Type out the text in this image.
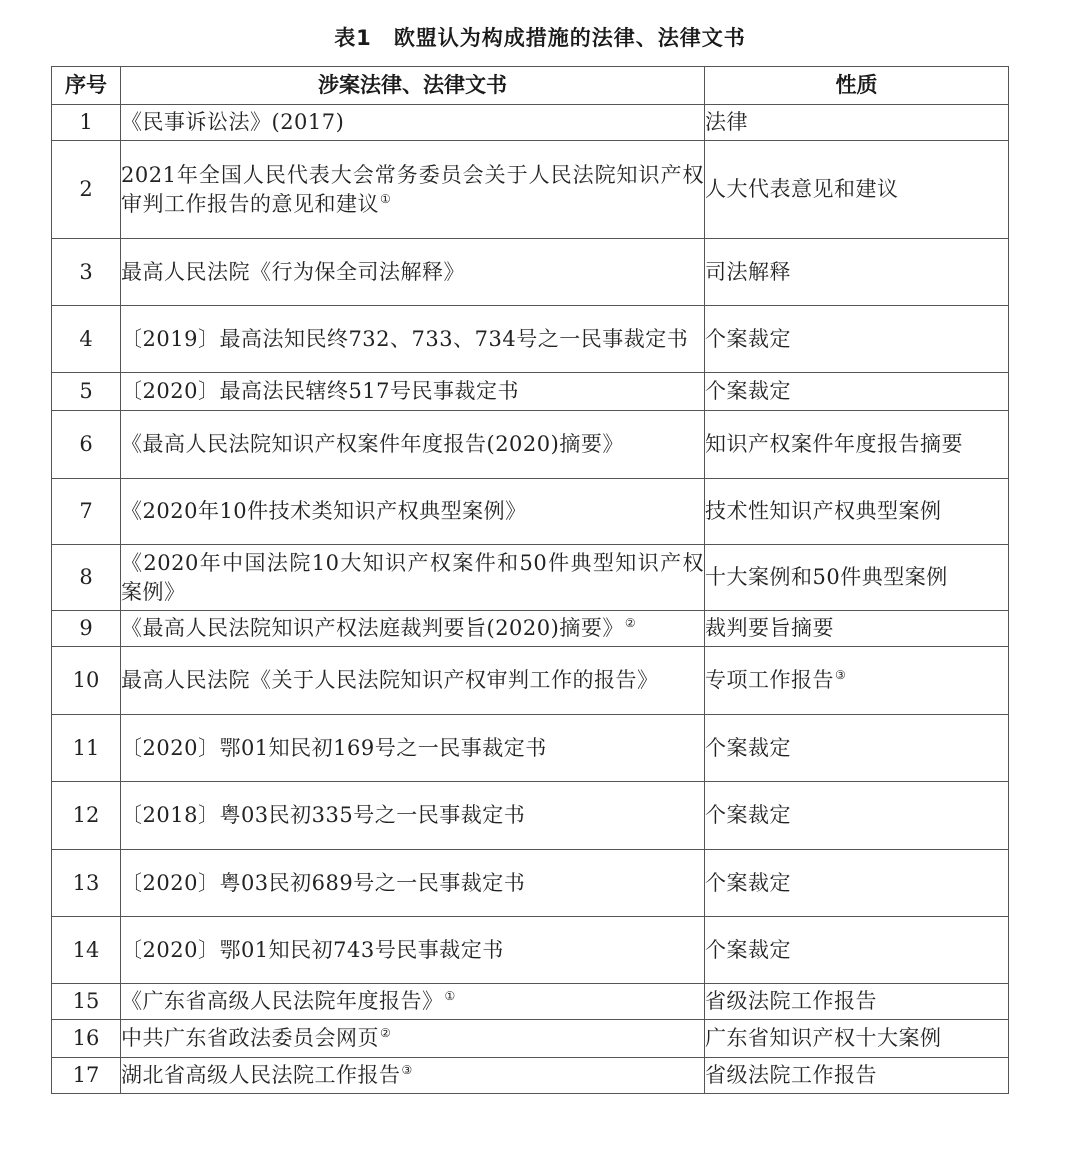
表1 欧盟认为构成措施的法律、法律文书
序号	涉案法律、法律文书	性质
1	《民事诉讼法》(2017)	法律
2	2021年全国人民代表大会常务委员会关于人民法院知识产权审判工作报告的意见和建议①	人大代表意见和建议
3	最高人民法院《行为保全司法解释》	司法解释
4	〔2019〕最高法知民终732、733、734号之一民事裁定书	个案裁定
5	〔2020〕最高法民辖终517号民事裁定书	个案裁定
6	《最高人民法院知识产权案件年度报告(2020)摘要》	知识产权案件年度报告摘要
7	《2020年10件技术类知识产权典型案例》	技术性知识产权典型案例
8	《2020年中国法院10大知识产权案件和50件典型知识产权案例》	十大案例和50件典型案例
9	《最高人民法院知识产权法庭裁判要旨(2020)摘要》②	裁判要旨摘要
10	最高人民法院《关于人民法院知识产权审判工作的报告》	专项工作报告③
11	〔2020〕鄂01知民初169号之一民事裁定书	个案裁定
12	〔2018〕粤03民初335号之一民事裁定书	个案裁定
13	〔2020〕粤03民初689号之一民事裁定书	个案裁定
14	〔2020〕鄂01知民初743号民事裁定书	个案裁定
15	《广东省高级人民法院年度报告》①	省级法院工作报告
16	中共广东省政法委员会网页②	广东省知识产权十大案例
17	湖北省高级人民法院工作报告③	省级法院工作报告
